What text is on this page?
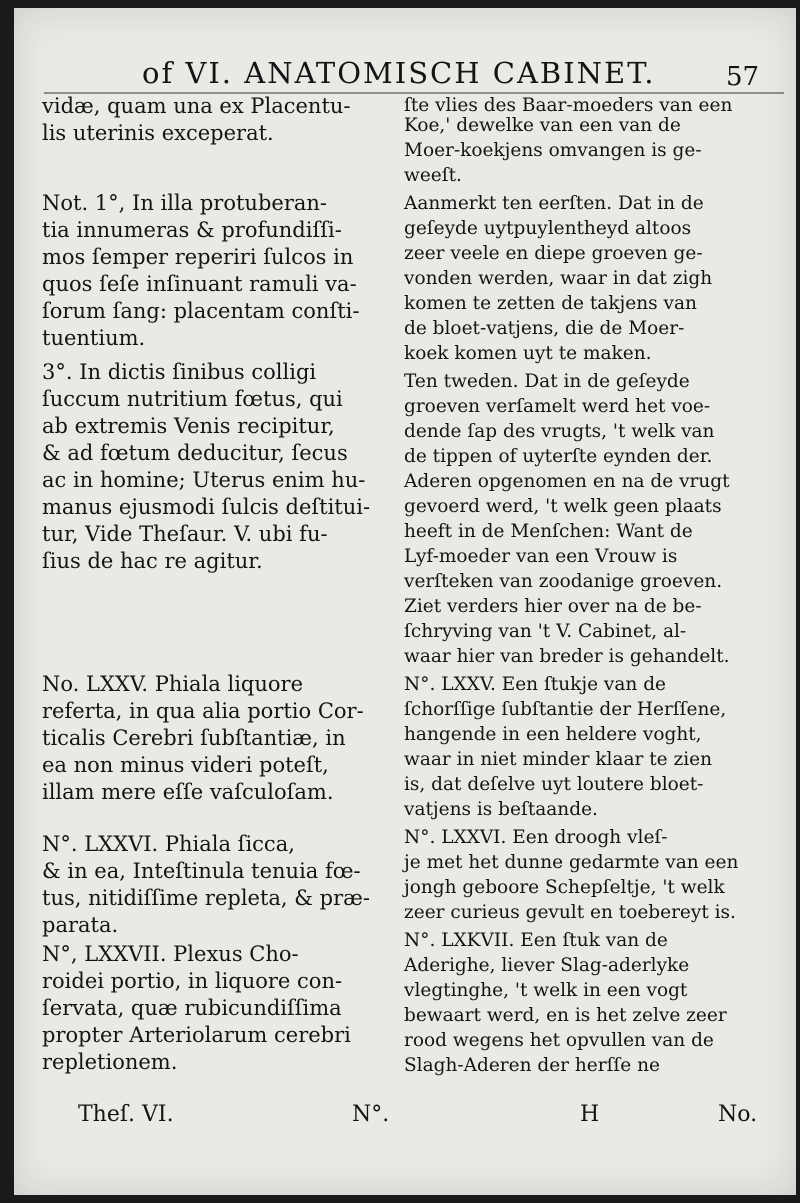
of VI. ANATOMISCH CABINET.	57
vidæ, quam una ex Placentu-
lis uterinis exceperat.
Not. 1°, In illa protuberan-
tia innumeras & profundiſſi-
mos ſemper reperiri ſulcos in
quos ſeſe inſinuant ramuli va-
ſorum ſang: placentam conſti-
tuentium.
3°. In dictis ſinibus colligi
ſuccum nutritium fœtus, qui
ab extremis Venis recipitur,
& ad fœtum deducitur, ſecus
ac in homine; Uterus enim hu-
manus ejusmodi ſulcis deſtitui-
tur, Vide Theſaur. V. ubi fu-
ſius de hac re agitur.
No. LXXV. Phiala liquore
referta, in qua alia portio Cor-
ticalis Cerebri ſubſtantiæ, in
ea non minus videri poteſt,
illam mere eſſe vaſculoſam.
N°. LXXVI. Phiala ſicca,
& in ea, Inteſtinula tenuia fœ-
tus, nitidiſſime repleta, & præ-
parata.
N°, LXXVII. Plexus Cho-
roidei portio, in liquore con-
ſervata, quæ rubicundiſſima
propter Arteriolarum cerebri
repletionem.
ſte vlies des Baar-moeders van een
Koe,' dewelke van een van de
Moer-koekjens omvangen is ge-
weeſt.
Aanmerkt ten eerſten. Dat in de
geſeyde uytpuylentheyd altoos
zeer veele en diepe groeven ge-
vonden werden, waar in dat zigh
komen te zetten de takjens van
de bloet-vatjens, die de Moer-
koek komen uyt te maken.
Ten tweden. Dat in de geſeyde
groeven verſamelt werd het voe-
dende ſap des vrugts, 't welk van
de tippen of uyterſte eynden der.
Aderen opgenomen en na de vrugt
gevoerd werd, 't welk geen plaats
heeft in de Menſchen: Want de
Lyf-moeder van een Vrouw is
verſteken van zoodanige groeven.
Ziet verders hier over na de be-
ſchryving van 't V. Cabinet, al-
waar hier van breder is gehandelt.
N°. LXXV. Een ſtukje van de
ſchorſſige ſubſtantie der Herſſene,
hangende in een heldere voght,
waar in niet minder klaar te zien
is, dat deſelve uyt loutere bloet-
vatjens is beſtaande.
N°. LXXVI. Een droogh vleſ-
je met het dunne gedarmte van een
jongh geboore Schepſeltje, 't welk
zeer curieus gevult en toebereyt is.
N°. LXKVII. Een ſtuk van de
Aderighe, liever Slag-aderlyke
vlegtinghe, 't welk in een vogt
bewaart werd, en is het zelve zeer
rood wegens het opvullen van de
Slagh-Aderen der herſſe ne
Theſ. VI.	N°.	H	No.
